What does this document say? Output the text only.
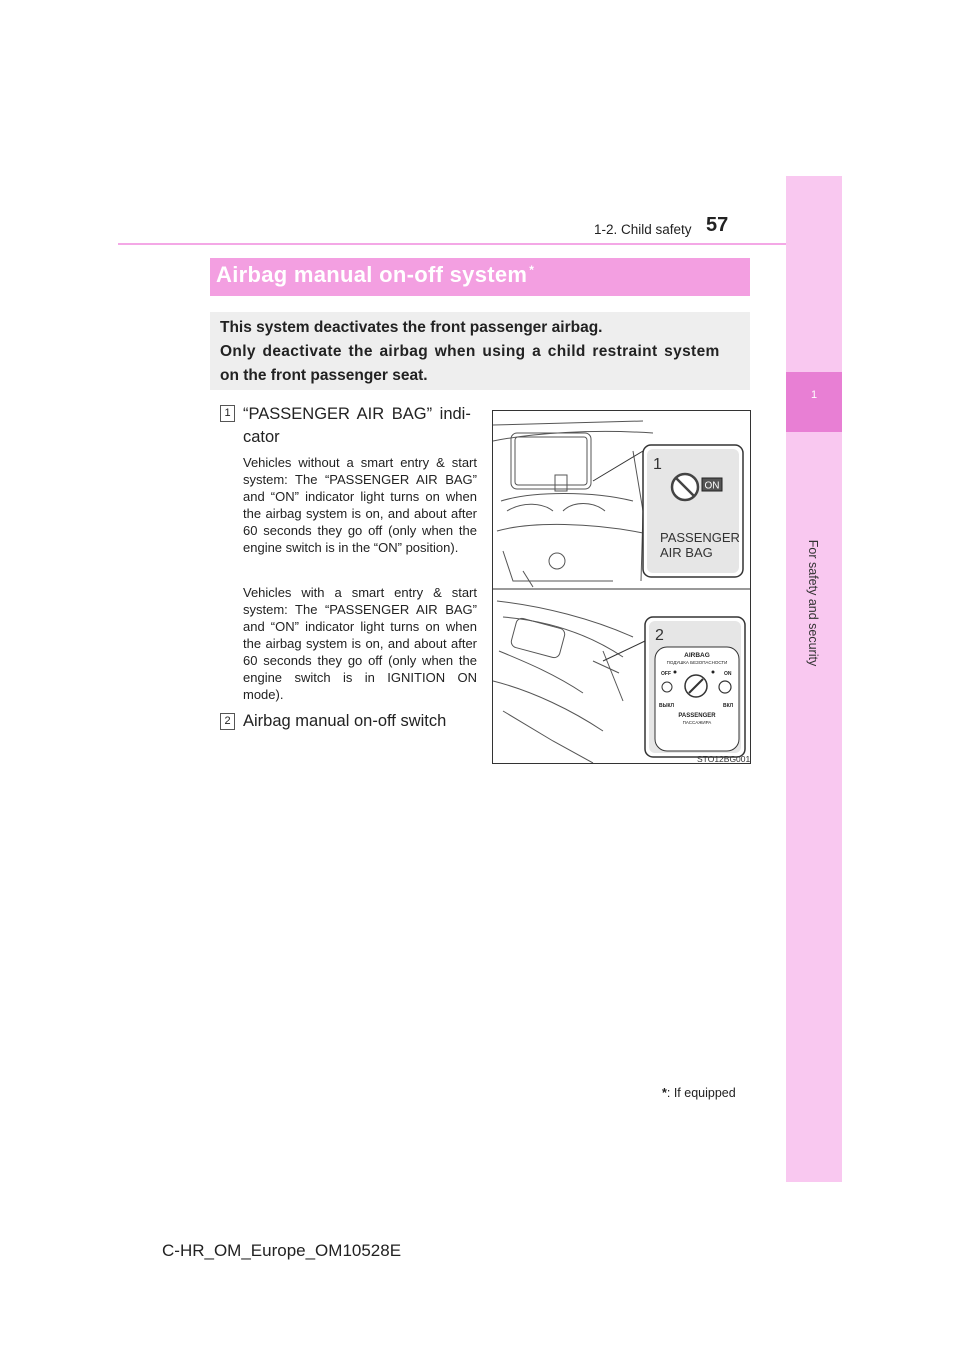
1
For safety and security
1-2. Child safety 57
Airbag manual on-off system *

This system deactivates the front passenger airbag.

Only deactivate the airbag when using a child restraint system

on the front passenger seat.

1 “PASSENGER AIR BAG” indi-
cator
Vehicles without a smart entry & start system: The “PASSENGER AIR BAG” and “ON” indicator light turns on when the airbag system is on, and about after 60 seconds they go off (only when the engine switch is in the “ON” position).
Vehicles with a smart entry & start system: The “PASSENGER AIR BAG” and “ON” indicator light turns on when the airbag system is on, and about after 60 seconds they go off (only when the engine switch is in IGNITION ON mode).
2 Airbag manual on-off switch
ON
PASSENGER
AIR BAG
1
2
AIRBAG
ПОДУШКА БЕЗОПАСНОСТИ
OFF	ON
ВЫКЛ	ВКЛ
PASSENGER
ПАССАЖИРА
STO12BG001
*: If equipped
C-HR_OM_Europe_OM10528E
